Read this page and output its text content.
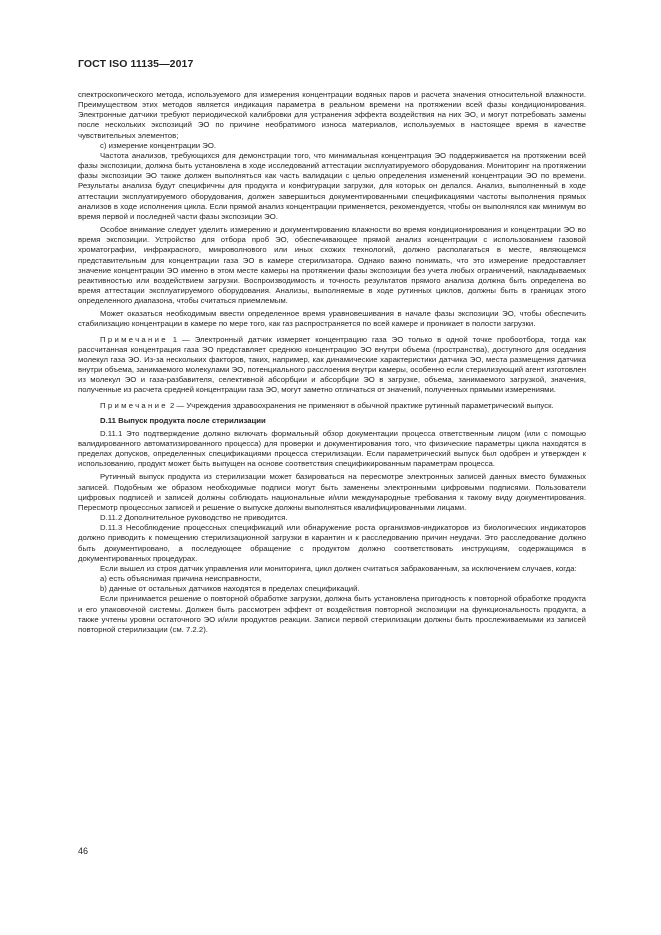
ГОСТ ISO 11135—2017

спектроскопического метода, используемого для измерения концентрации водяных паров и расчета значения относительной влажности. Преимуществом этих методов является индикация параметра в реальном времени на протяжении всей фазы кондиционирования. Электронные датчики требуют периодической калибровки для устранения эффекта воздействия на них ЭО, и могут потребовать замены после нескольких экспозиций ЭО по причине необратимого износа материалов, используемых в настоящее время в качестве чувствительных элементов;

с) измерение концентрации ЭО.

Частота анализов, требующихся для демонстрации того, что минимальная концентрация ЭО поддерживается на протяжении всей фазы экспозиции, должна быть установлена в ходе исследований аттестации эксплуатируемого оборудования. Мониторинг на протяжении фазы экспозиции ЭО также должен выполняться как часть валидации с целью определения изменений концентрации ЭО по времени. Результаты анализа будут специфичны для продукта и конфигурации загрузки, для которых он делался. Анализ, выполненный в ходе аттестации эксплуатируемого оборудования, должен завершиться документированными спецификациями частоты выполнения прямых анализов в ходе исполнения цикла. Если прямой анализ концентрации применяется, рекомендуется, чтобы он выполнялся как минимум во время первой и последней части фазы экспозиции ЭО.

Особое внимание следует уделить измерению и документированию влажности во время кондиционирования и концентрации ЭО во время экспозиции. Устройство для отбора проб ЭО, обеспечивающее прямой анализ концентрации с использованием газовой хроматографии, инфракрасного, микроволнового или иных схожих технологий, должно располагаться в месте, являющемся представительным для концентрации газа ЭО в камере стерилизатора. Однако важно понимать, что это измерение предоставляет значение концентрации ЭО именно в этом месте камеры на протяжении фазы экспозиции без учета любых ограничений, накладываемых реактивностью или воздействием загрузки. Воспроизводимость и точность результатов прямого анализа должна быть определена во время аттестации эксплуатируемого оборудования. Анализы, выполняемые в ходе рутинных циклов, должны быть в границах этого определенного диапазона, чтобы считаться приемлемым.

Может оказаться необходимым ввести определенное время уравновешивания в начале фазы экспозиции ЭО, чтобы обеспечить стабилизацию концентрации в камере по мере того, как газ распространяется по всей камере и проникает в полости загрузки.

Примечание 1 — Электронный датчик измеряет концентрацию газа ЭО только в одной точке пробоотбора, тогда как рассчитанная концентрация газа ЭО представляет среднюю концентрацию ЭО внутри объема (пространства), доступного для оседания молекул газа ЭО. Из-за нескольких факторов, таких, например, как динамические характеристики датчика ЭО, места размещения датчика внутри объема, занимаемого молекулами ЭО, потенциального расслоения внутри камеры, особенно если стерилизующий агент изготовлен из молекул ЭО и газа-разбавителя, селективной абсорбции и абсорбции ЭО в загрузке, объема, занимаемого загрузкой, значения, полученные из расчета средней концентрации газа ЭО, могут заметно отличаться от значений, полученных прямыми измерениями.

Примечание 2 — Учреждения здравоохранения не применяют в обычной практике рутинный параметрический выпуск.

D.11 Выпуск продукта после стерилизации

D.11.1 Это подтверждение должно включать формальный обзор документации процесса ответственным лицом (или с помощью валидированного автоматизированного процесса) для проверки и документирования того, что физические параметры цикла находятся в пределах допусков, определенных спецификациями процесса стерилизации. Если параметрический выпуск был одобрен и утвержден к использованию, продукт может быть выпущен на основе соответствия спецификированным параметрам процесса.

Рутинный выпуск продукта из стерилизации может базироваться на пересмотре электронных записей данных вместо бумажных записей. Подобным же образом необходимые подписи могут быть заменены электронными цифровыми подписями. Пользователи цифровых подписей и записей должны соблюдать национальные и/или международные требования к такому виду документирования. Пересмотр процессных записей и решение о выпуске должны выполняться квалифицированными лицами.

D.11.2 Дополнительное руководство не приводится.

D.11.3 Несоблюдение процессных спецификаций или обнаружение роста организмов-индикаторов из биологических индикаторов должно приводить к помещению стерилизационной загрузки в карантин и к расследованию причин неудачи. Это расследование должно быть документировано, а последующее обращение с продуктом должно соответствовать инструкциям, содержащимся в документированных процедурах.

Если вышел из строя датчик управления или мониторинга, цикл должен считаться забракованным, за исключением случаев, когда:

а) есть объяснимая причина неисправности,

b) данные от остальных датчиков находятся в пределах спецификаций.

Если принимается решение о повторной обработке загрузки, должна быть установлена пригодность к повторной обработке продукта и его упаковочной системы. Должен быть рассмотрен эффект от воздействия повторной экспозиции на функциональность продукта, а также учтены уровни остаточного ЭО и/или продуктов реакции. Записи первой стерилизации должны быть прослеживаемыми из записей повторной стерилизации (см. 7.2.2).

46
